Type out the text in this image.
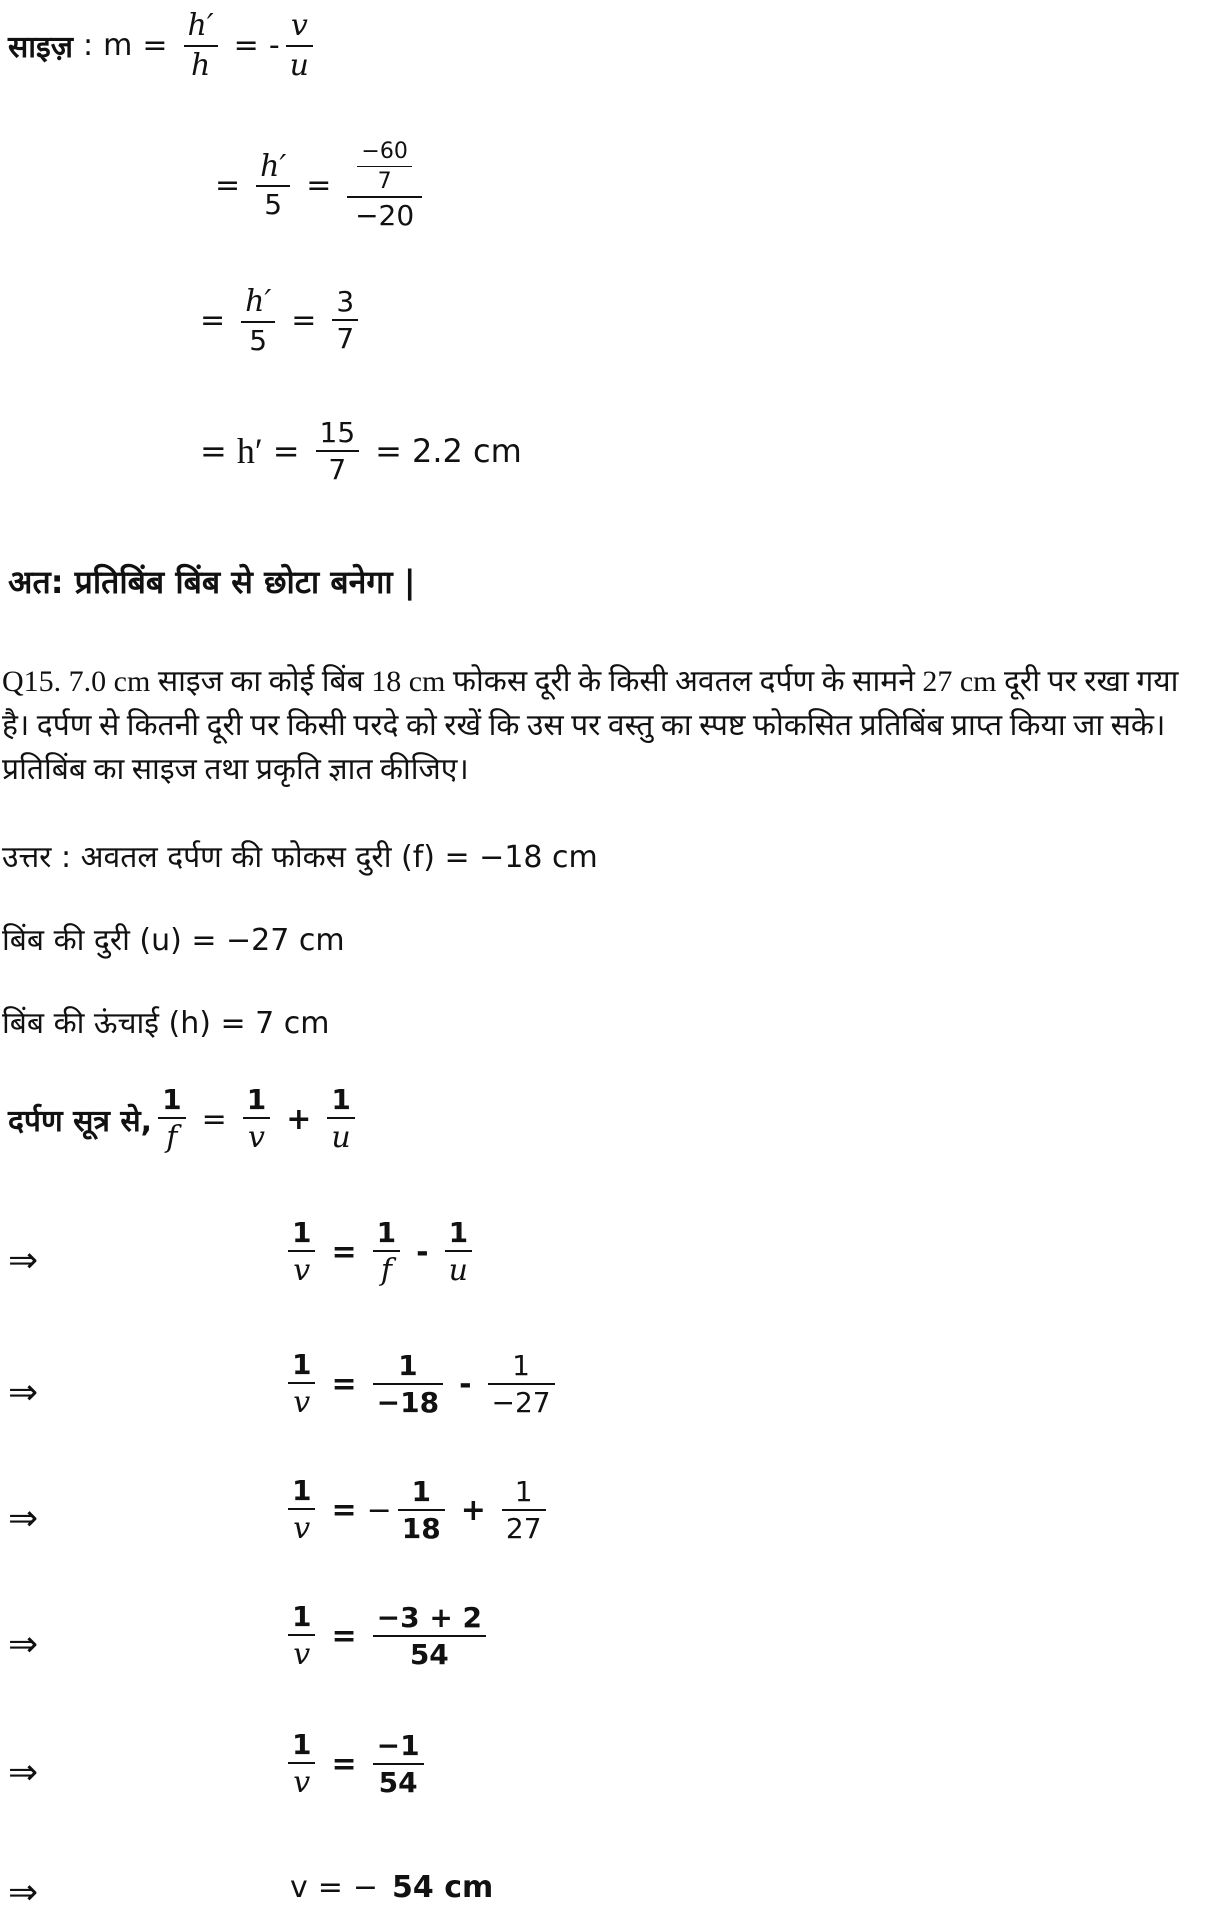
साइज़ : $m = \frac{h'}{h}$ = - $\frac{v}{u}$
= $\frac{h'}{5} = \frac{\frac{-60}{7}}{-20}$
= $\frac{h'}{5} = \frac{3}{7}$
= $h' = \frac{15}{7} = 2.2$ cm
अत: प्रतिबिंब बिंब से छोटा बनेगा |
Q15. 7.0 cm साइज का कोई बिंब 18 cm फोकस दूरी के किसी अवतल दर्पण के सामने 27 cm दूरी पर रखा गया है। दर्पण से कितनी दूरी पर किसी परदे को रखें कि उस पर वस्तु का स्पष्ट फोकसित प्रतिबिंब प्राप्त किया जा सके। प्रतिबिंब का साइज तथा प्रकृति ज्ञात कीजिए।
उत्तर : अवतल दर्पण की फोकस दुरी (f) = −18 cm
बिंब की दुरी (u) = −27 cm
बिंब की ऊंचाई (h) = 7 cm
दर्पण सूत्र से, $\frac{1}{f} = \frac{1}{v} + \frac{1}{u}$
⇒	$\frac{1}{v} = \frac{1}{f} - \frac{1}{u}$
⇒	$\frac{1}{v} = \frac{1}{-18} - \frac{1}{-27}$
⇒	$\frac{1}{v}$ = − $\frac{1}{18} + \frac{1}{27}$
⇒	$\frac{1}{v} = \frac{-3 + 2}{54}$
⇒	$\frac{1}{v} = \frac{-1}{54}$
⇒	v = − 54 cm
